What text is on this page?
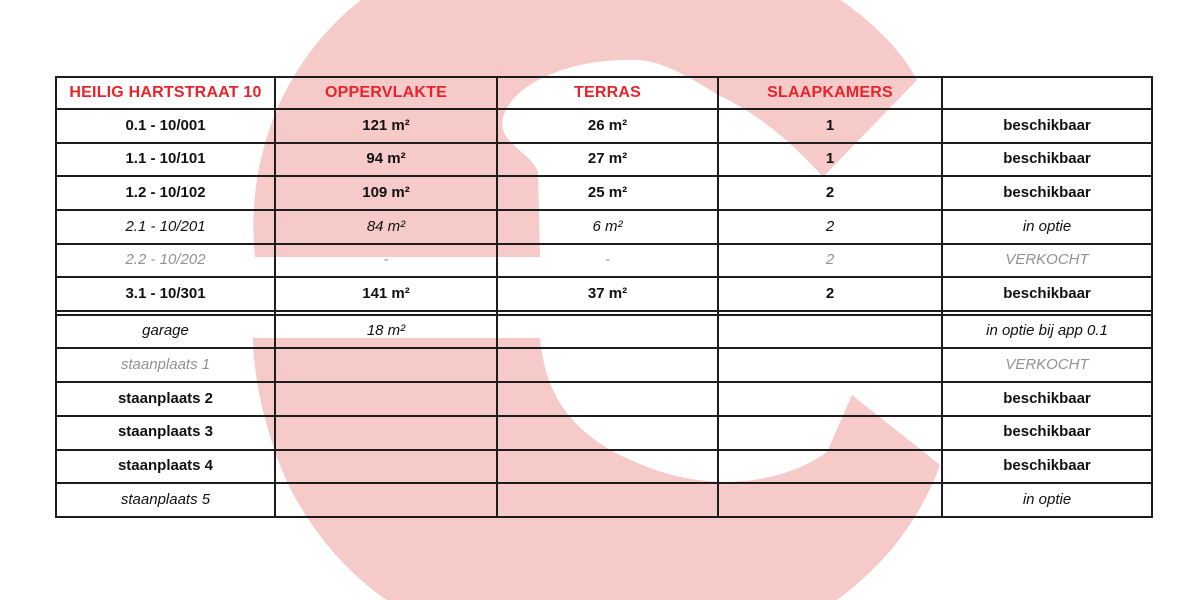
HEILIG HARTSTRAAT 10	OPPERVLAKTE	TERRAS	SLAAPKAMERS	
0.1 - 10/001	121 m²	26 m²	1	beschikbaar
1.1 - 10/101	94 m²	27 m²	1	beschikbaar
1.2 - 10/102	109 m²	25 m²	2	beschikbaar
2.1 - 10/201	84 m²	6 m²	2	in optie
2.2 - 10/202	-	-	2	VERKOCHT
3.1 - 10/301	141 m²	37 m²	2	beschikbaar

garage	18 m²			in optie bij app 0.1
staanplaats 1				VERKOCHT
staanplaats 2				beschikbaar
staanplaats 3				beschikbaar
staanplaats 4				beschikbaar
staanplaats 5				in optie
